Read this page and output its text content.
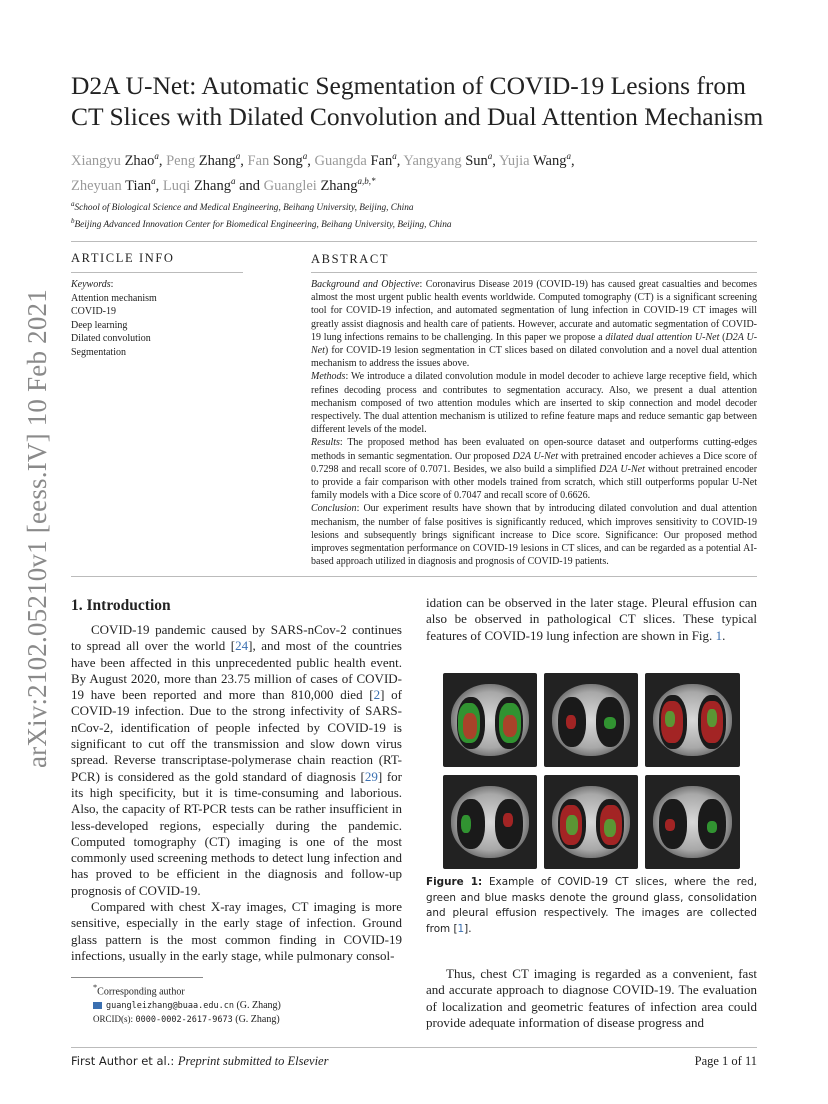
arXiv:2102.05210v1 [eess.IV] 10 Feb 2021
D2A U-Net: Automatic Segmentation of COVID-19 Lesions from CT Slices with Dilated Convolution and Dual Attention Mechanism
Xiangyu Zhao$^a$, Peng Zhang$^a$, Fan Song$^a$, Guangda Fan$^a$, Yangyang Sun$^a$, Yujia Wang$^a$,
Zheyuan Tian$^a$, Luqi Zhang$^a$ and Guanglei Zhang$^{a,b,*}$
$^a$School of Biological Science and Medical Engineering, Beihang University, Beijing, China
$^b$Beijing Advanced Innovation Center for Biomedical Engineering, Beihang University, Beijing, China
ARTICLE INFO
Keywords:
Attention mechanism
COVID-19
Deep learning
Dilated convolution
Segmentation
ABSTRACT

Background and Objective: Coronavirus Disease 2019 (COVID-19) has caused great casualties and becomes almost the most urgent public health events worldwide. Computed tomography (CT) is a significant screening tool for COVID-19 infection, and automated segmentation of lung infection in COVID-19 CT images will greatly assist diagnosis and health care of patients. However, accurate and automatic segmentation of COVID-19 lung infections remains to be challenging. In this paper we propose a dilated dual attention U-Net (D2A U-Net) for COVID-19 lesion segmentation in CT slices based on dilated convolution and a novel dual attention mechanism to address the issues above.

Methods: We introduce a dilated convolution module in model decoder to achieve large receptive field, which refines decoding process and contributes to segmentation accuracy. Also, we present a dual attention mechanism composed of two attention modules which are inserted to skip connection and model decoder respectively. The dual attention mechanism is utilized to refine feature maps and reduce semantic gap between different levels of the model.

Results: The proposed method has been evaluated on open-source dataset and outperforms cutting-edges methods in semantic segmentation. Our proposed D2A U-Net with pretrained encoder achieves a Dice score of 0.7298 and recall score of 0.7071. Besides, we also build a simplified D2A U-Net without pretrained encoder to provide a fair comparison with other models trained from scratch, which still outperforms popular U-Net family models with a Dice score of 0.7047 and recall score of 0.6626.

Conclusion: Our experiment results have shown that by introducing dilated convolution and dual attention mechanism, the number of false positives is significantly reduced, which improves sensitivity to COVID-19 lesions and subsequently brings significant increase to Dice score. Significance: Our proposed method improves segmentation performance on COVID-19 lesions in CT slices, and can be regarded as a potential AI-based approach utilized in diagnosis and prognosis of COVID-19 patients.

1. Introduction

COVID-19 pandemic caused by SARS-nCov-2 continues to spread all over the world [24], and most of the countries have been affected in this unprecedented public health event. By August 2020, more than 23.75 million of cases of COVID-19 have been reported and more than 810,000 died [2] of COVID-19 infection. Due to the strong infectivity of SARS-nCov-2, identification of people infected by COVID-19 is significant to cut off the transmission and slow down virus spread. Reverse transcriptase-polymerase chain reaction (RT-PCR) is considered as the gold standard of diagnosis [29] for its high specificity, but it is time-consuming and laborious. Also, the capacity of RT-PCR tests can be rather insufficient in less-developed regions, especially during the pandemic. Computed tomography (CT) imaging is one of the most commonly used screening methods to detect lung infection and has proved to be efficient in the diagnosis and follow-up prognosis of COVID-19.

Compared with chest X-ray images, CT imaging is more sensitive, especially in the early stage of infection. Ground glass pattern is the most common finding in COVID-19 infections, usually in the early stage, while pulmonary consol-

*Corresponding author
guangleizhang@buaa.edu.cn (G. Zhang)
ORCID(s): 0000-0002-2617-9673 (G. Zhang)

idation can be observed in the later stage. Pleural effusion can also be observed in pathological CT slices. These typical features of COVID-19 lung infection are shown in Fig. 1.

Figure 1: Example of COVID-19 CT slices, where the red, green and blue masks denote the ground glass, consolidation and pleural effusion respectively. The images are collected from [1].

Thus, chest CT imaging is regarded as a convenient, fast and accurate approach to diagnose COVID-19. The evaluation of localization and geometric features of infection area could provide adequate information of disease progress and

First Author et al.: Preprint submitted to Elsevier	Page 1 of 11
